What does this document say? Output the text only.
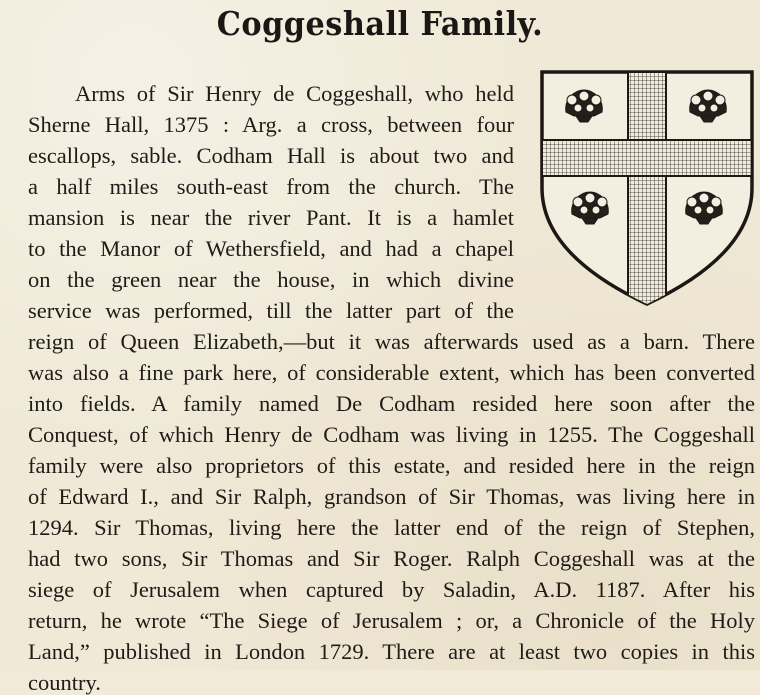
Coggeshall Family.
Arms of Sir Henry de Coggeshall, who held
Sherne Hall, 1375 : Arg. a cross, between four
escallops, sable. Codham Hall is about two and
a half miles south-east from the church. The
mansion is near the river Pant. It is a hamlet
to the Manor of Wethersfield, and had a chapel
on the green near the house, in which divine
service was performed, till the latter part of the
reign of Queen Elizabeth,—but it was afterwards used as a barn. There
was also a fine park here, of considerable extent, which has been converted
into fields. A family named De Codham resided here soon after the
Conquest, of which Henry de Codham was living in 1255. The Coggeshall
family were also proprietors of this estate, and resided here in the reign
of Edward I., and Sir Ralph, grandson of Sir Thomas, was living here in
1294. Sir Thomas, living here the latter end of the reign of Stephen,
had two sons, Sir Thomas and Sir Roger. Ralph Coggeshall was at the
siege of Jerusalem when captured by Saladin, A.D. 1187. After his
return, he wrote “The Siege of Jerusalem ; or, a Chronicle of the Holy
Land,” published in London 1729. There are at least two copies in this
country.
